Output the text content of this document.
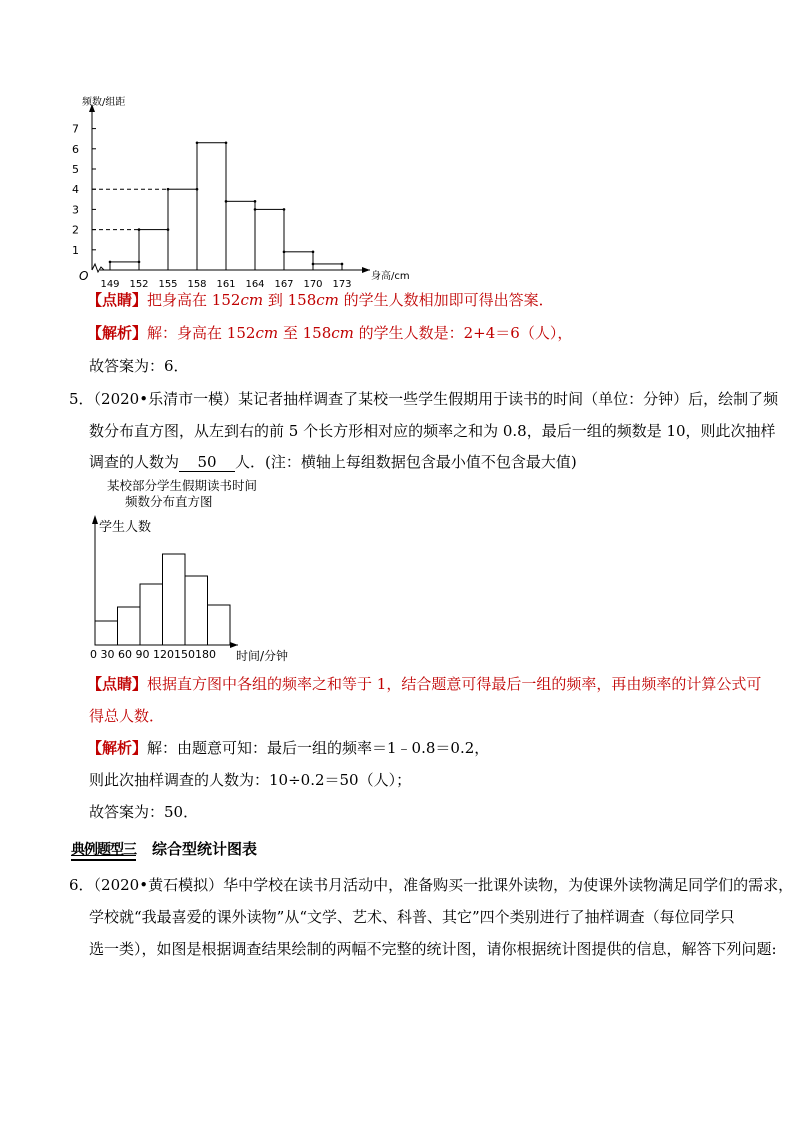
频数/组距
身高/cm
O
1
2
3
4
5
6
7
149 152 155 158 161 164 167 170 173
【点睛】把身高在 152cm 到 158cm 的学生人数相加即可得出答案．
【解析】解：身高在 152cm 至 158cm 的学生人数是：2+4＝6（人），
故答案为：6．
5．（2020•乐清市一模）某记者抽样调查了某校一些学生假期用于读书的时间（单位：分钟）后，绘制了频
数分布直方图，从左到右的前 5 个长方形相对应的频率之和为 0.8，最后一组的频数是 10，则此次抽样
调查的人数为 50 人．(注：横轴上每组数据包含最小值不包含最大值)
某校部分学生假期读书时间
频数分布直方图
学生人数
时间/分钟
0 30 60 90 120150180
【点睛】根据直方图中各组的频率之和等于 1，结合题意可得最后一组的频率，再由频率的计算公式可
得总人数．
【解析】解：由题意可知：最后一组的频率＝1﹣0.8＝0.2，
则此次抽样调查的人数为：10÷0.2＝50（人）；
故答案为：50．
典例题型三 综合型统计图表
6．（2020•黄石模拟）华中学校在读书月活动中，准备购买一批课外读物，为使课外读物满足同学们的需求，
学校就“我最喜爱的课外读物”从“文学、艺术、科普、其它”四个类别进行了抽样调查（每位同学只
选一类），如图是根据调查结果绘制的两幅不完整的统计图，请你根据统计图提供的信息，解答下列问题:
